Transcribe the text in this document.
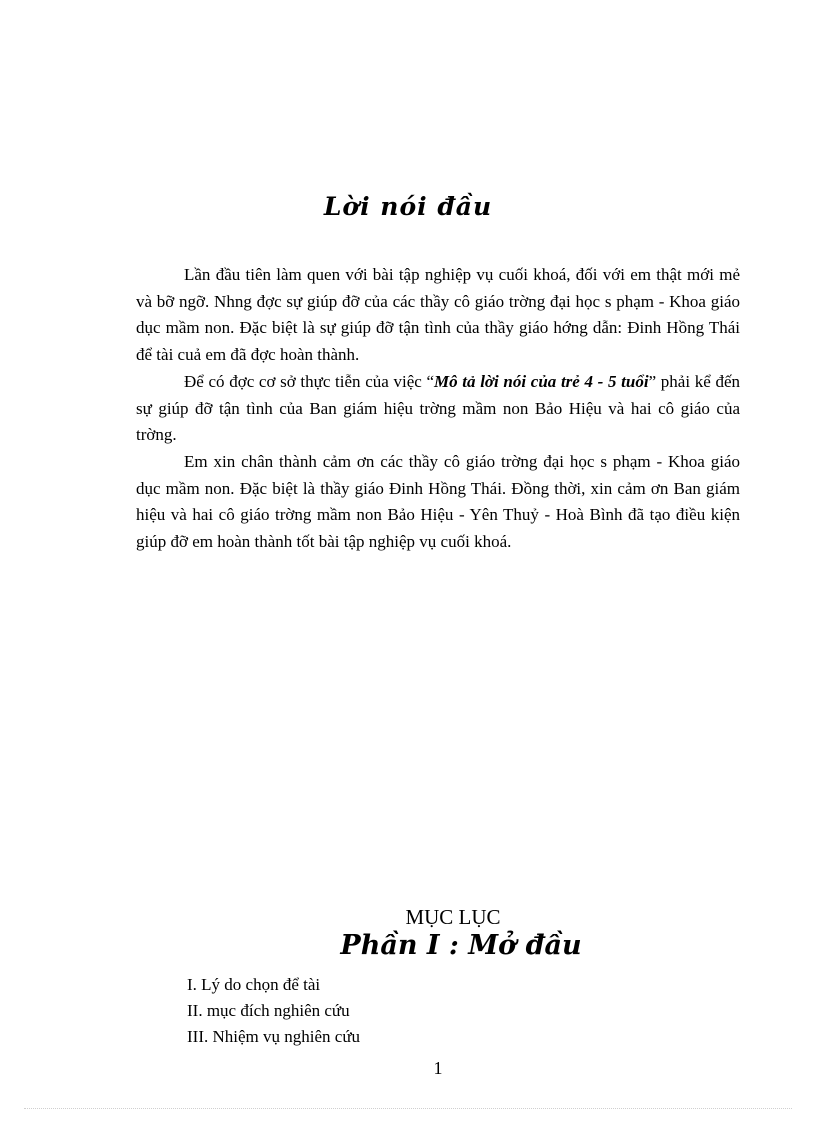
Lời nói đầu

Lần đầu tiên làm quen với bài tập nghiệp vụ cuối khoá, đối với em thật mới mẻ và bỡ ngỡ. Nhng đợc sự giúp đỡ của các thầy cô giáo trờng đại học s phạm - Khoa giáo dục mầm non. Đặc biệt là sự giúp đỡ tận tình của thầy giáo hớng dẫn: Đinh Hồng Thái để tài cuả em đã đợc hoàn thành.

Để có đợc cơ sở thực tiễn của việc “Mô tả lời nói của trẻ 4 - 5 tuổi” phải kể đến sự giúp đỡ tận tình của Ban giám hiệu trờng mầm non Bảo Hiệu và hai cô giáo của trờng.

Em xin chân thành cảm ơn các thầy cô giáo trờng đại học s phạm - Khoa giáo dục mầm non. Đặc biệt là thầy giáo Đinh Hồng Thái. Đồng thời, xin cảm ơn Ban giám hiệu và hai cô giáo trờng mầm non Bảo Hiệu - Yên Thuỷ - Hoà Bình đã tạo điều kiện giúp đỡ em hoàn thành tốt bài tập nghiệp vụ cuối khoá.

MỤC LỤC
Phần I : Mở đầu
I. Lý do chọn để tài
II. mục đích nghiên cứu
III. Nhiệm vụ nghiên cứu
1
